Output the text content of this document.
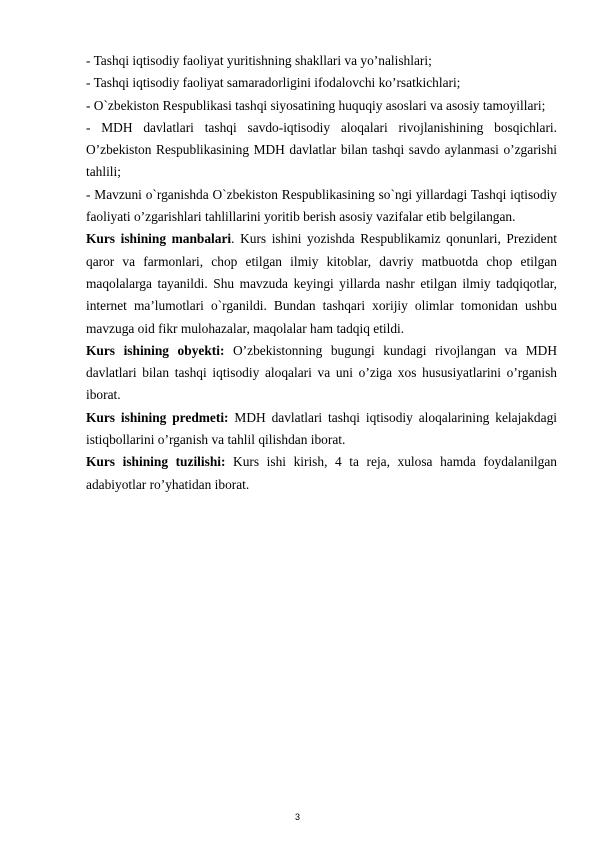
- Tashqi iqtisodiy faoliyat yuritishning shakllari va yo’nalishlari;

- Tashqi iqtisodiy faoliyat samaradorligini ifodalovchi ko’rsatkichlari;

- O`zbekiston Respublikasi tashqi siyosatining huquqiy asoslari va asosiy tamoyillari;

- MDH davlatlari tashqi savdo-iqtisodiy aloqalari rivojlanishining bosqichlari. O’zbekiston Respublikasining MDH davlatlar bilan tashqi savdo aylanmasi o’zgarishi tahlili;

- Mavzuni o`rganishda O`zbekiston Respublikasining so`ngi yillardagi Tashqi iqtisodiy faoliyati o’zgarishlari tahlillarini yoritib berish asosiy vazifalar etib belgilangan.

Kurs ishining manbalari. Kurs ishini yozishda Respublikamiz qonunlari, Prezident qaror va farmonlari, chop etilgan ilmiy kitoblar, davriy matbuotda chop etilgan maqolalarga tayanildi. Shu mavzuda keyingi yillarda nashr etilgan ilmiy tadqiqotlar, internet ma’lumotlari o`rganildi. Bundan tashqari xorijiy olimlar tomonidan ushbu mavzuga oid fikr mulohazalar, maqolalar ham tadqiq etildi.

Kurs ishining obyekti: O’zbekistonning bugungi kundagi rivojlangan va MDH davlatlari bilan tashqi iqtisodiy aloqalari va uni o’ziga xos hususiyatlarini o’rganish iborat.

Kurs ishining predmeti: MDH davlatlari tashqi iqtisodiy aloqalarining kelajakdagi istiqbollarini o’rganish va tahlil qilishdan iborat.

Kurs ishining tuzilishi: Kurs ishi kirish, 4 ta reja, xulosa hamda foydalanilgan adabiyotlar ro’yhatidan iborat.

3
